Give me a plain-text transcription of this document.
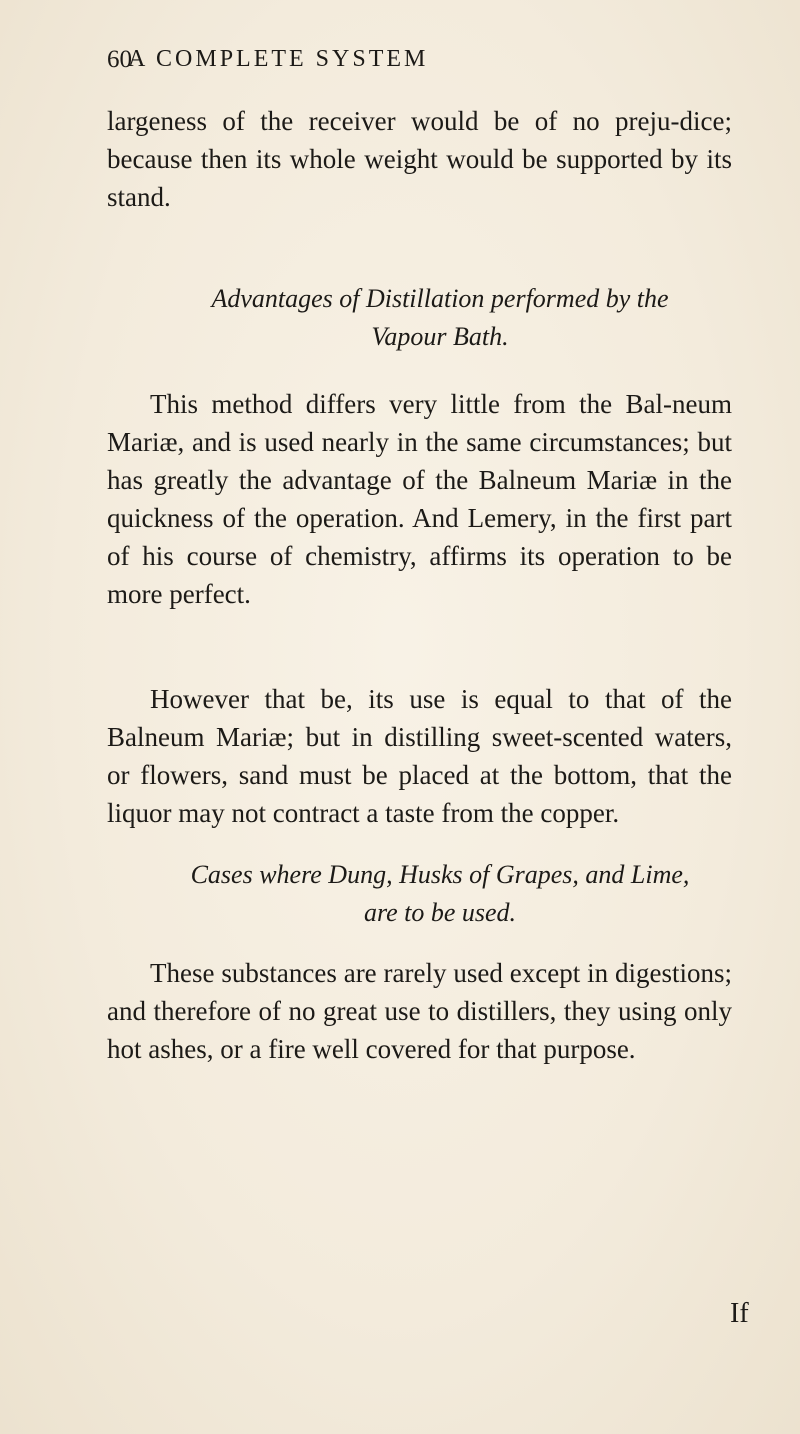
60
A COMPLETE SYSTEM
largeness of the receiver would be of no preju-dice; because then its whole weight would be supported by its stand.
Advantages of Distillation performed by the
Vapour Bath.
This method differs very little from the Bal-neum Mariæ, and is used nearly in the same circumstances; but has greatly the advantage of the Balneum Mariæ in the quickness of the operation. And Lemery, in the first part of his course of chemistry, affirms its operation to be more perfect.
However that be, its use is equal to that of the Balneum Mariæ; but in distilling sweet-scented waters, or flowers, sand must be placed at the bottom, that the liquor may not contract a taste from the copper.
Cases where Dung, Husks of Grapes, and Lime,
are to be used.
These substances are rarely used except in digestions; and therefore of no great use to distillers, they using only hot ashes, or a fire well covered for that purpose.
If
